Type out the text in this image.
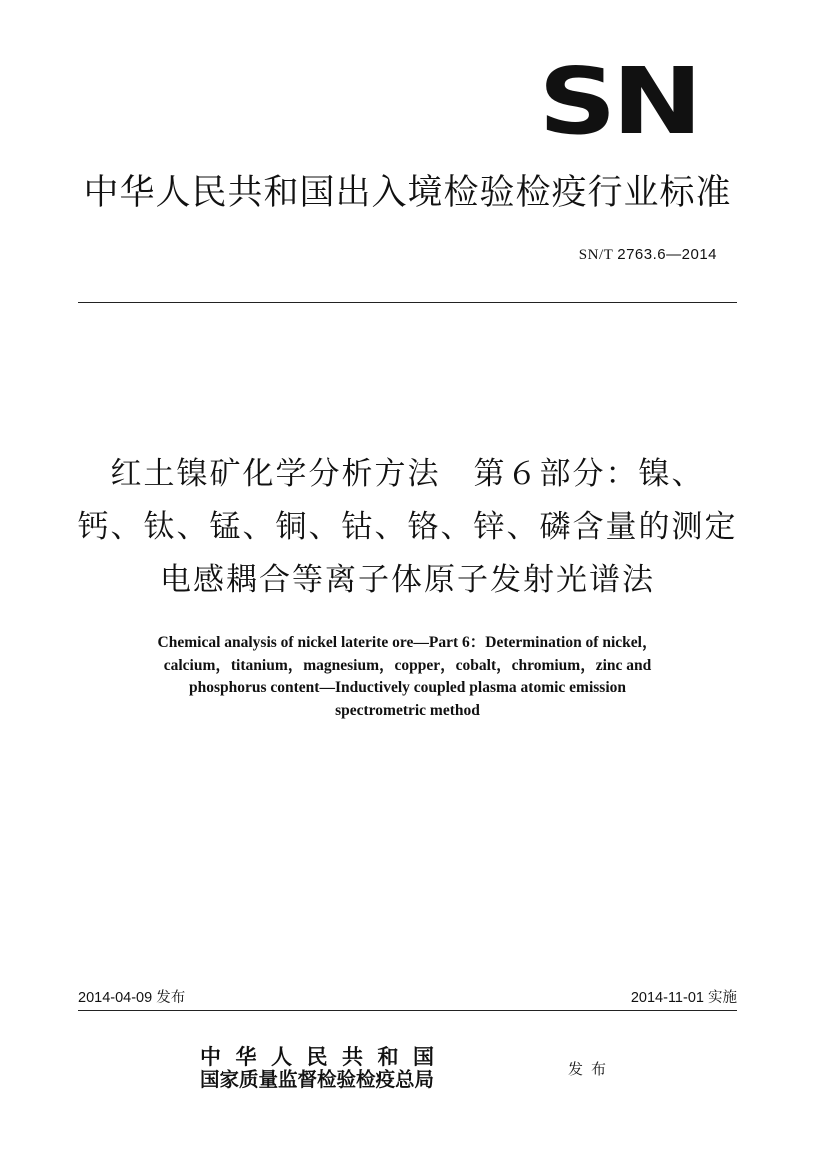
SN
中华人民共和国出入境检验检疫行业标准
SN/T 2763.6—2014
红土镍矿化学分析方法　第６部分：镍、
钙、钛、锰、铜、钴、铬、锌、磷含量的测定
电感耦合等离子体原子发射光谱法
Chemical analysis of nickel laterite ore—Part 6：Determination of nickel，
calcium，titanium，magnesium，copper，cobalt，chromium，zinc and
phosphorus content—Inductively coupled plasma atomic emission
spectrometric method
2014-04-09 发布	2014-11-01 实施
中华人民共和国
国家质量监督检验检疫总局	发布
